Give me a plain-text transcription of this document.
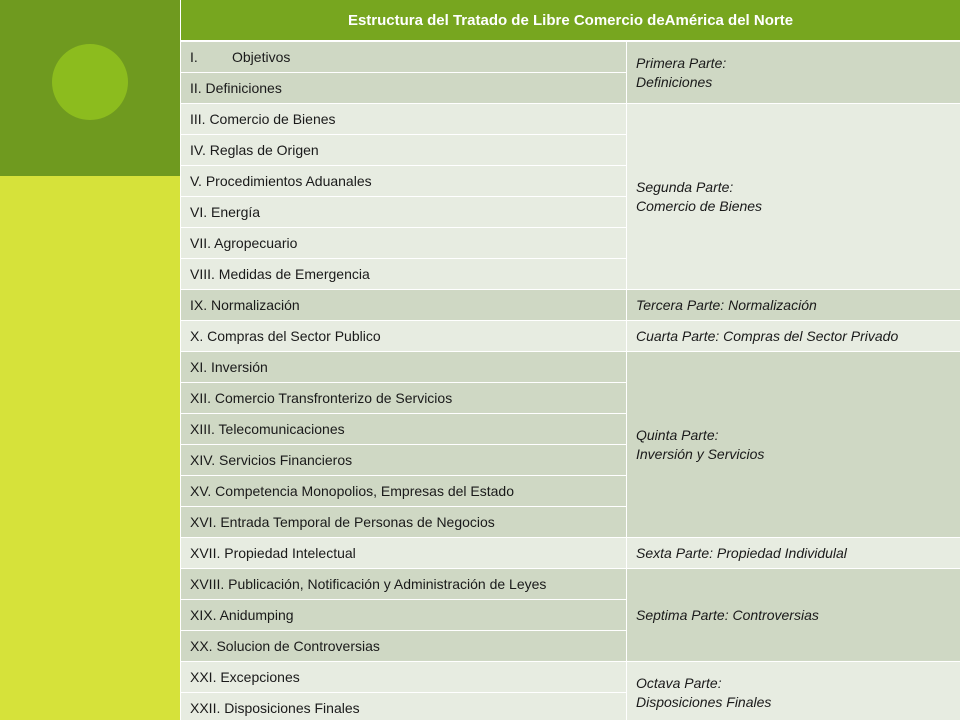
Estructura del Tratado de Libre Comercio deAmérica del Norte	
I. Objetivos	Primera Parte:
Definiciones
II. Definiciones	
III. Comercio de Bienes	Segunda Parte:
Comercio de Bienes
IV. Reglas de Origen	
V. Procedimientos Aduanales	
VI. Energía	
VII. Agropecuario	
VIII. Medidas de Emergencia	
IX. Normalización	Tercera Parte: Normalización
X. Compras del Sector Publico	Cuarta Parte: Compras del Sector Privado
XI. Inversión	Quinta Parte:
Inversión y Servicios
XII. Comercio Transfronterizo de Servicios	
XIII. Telecomunicaciones	
XIV. Servicios Financieros	
XV. Competencia Monopolios, Empresas del Estado	
XVI. Entrada Temporal de Personas de Negocios	
XVII. Propiedad Intelectual	Sexta Parte: Propiedad Individulal
XVIII. Publicación, Notificación y Administración de Leyes	Septima Parte: Controversias
XIX. Anidumping	
XX. Solucion de Controversias	
XXI. Excepciones	Octava Parte:
Disposiciones Finales
XXII. Disposiciones Finales	
